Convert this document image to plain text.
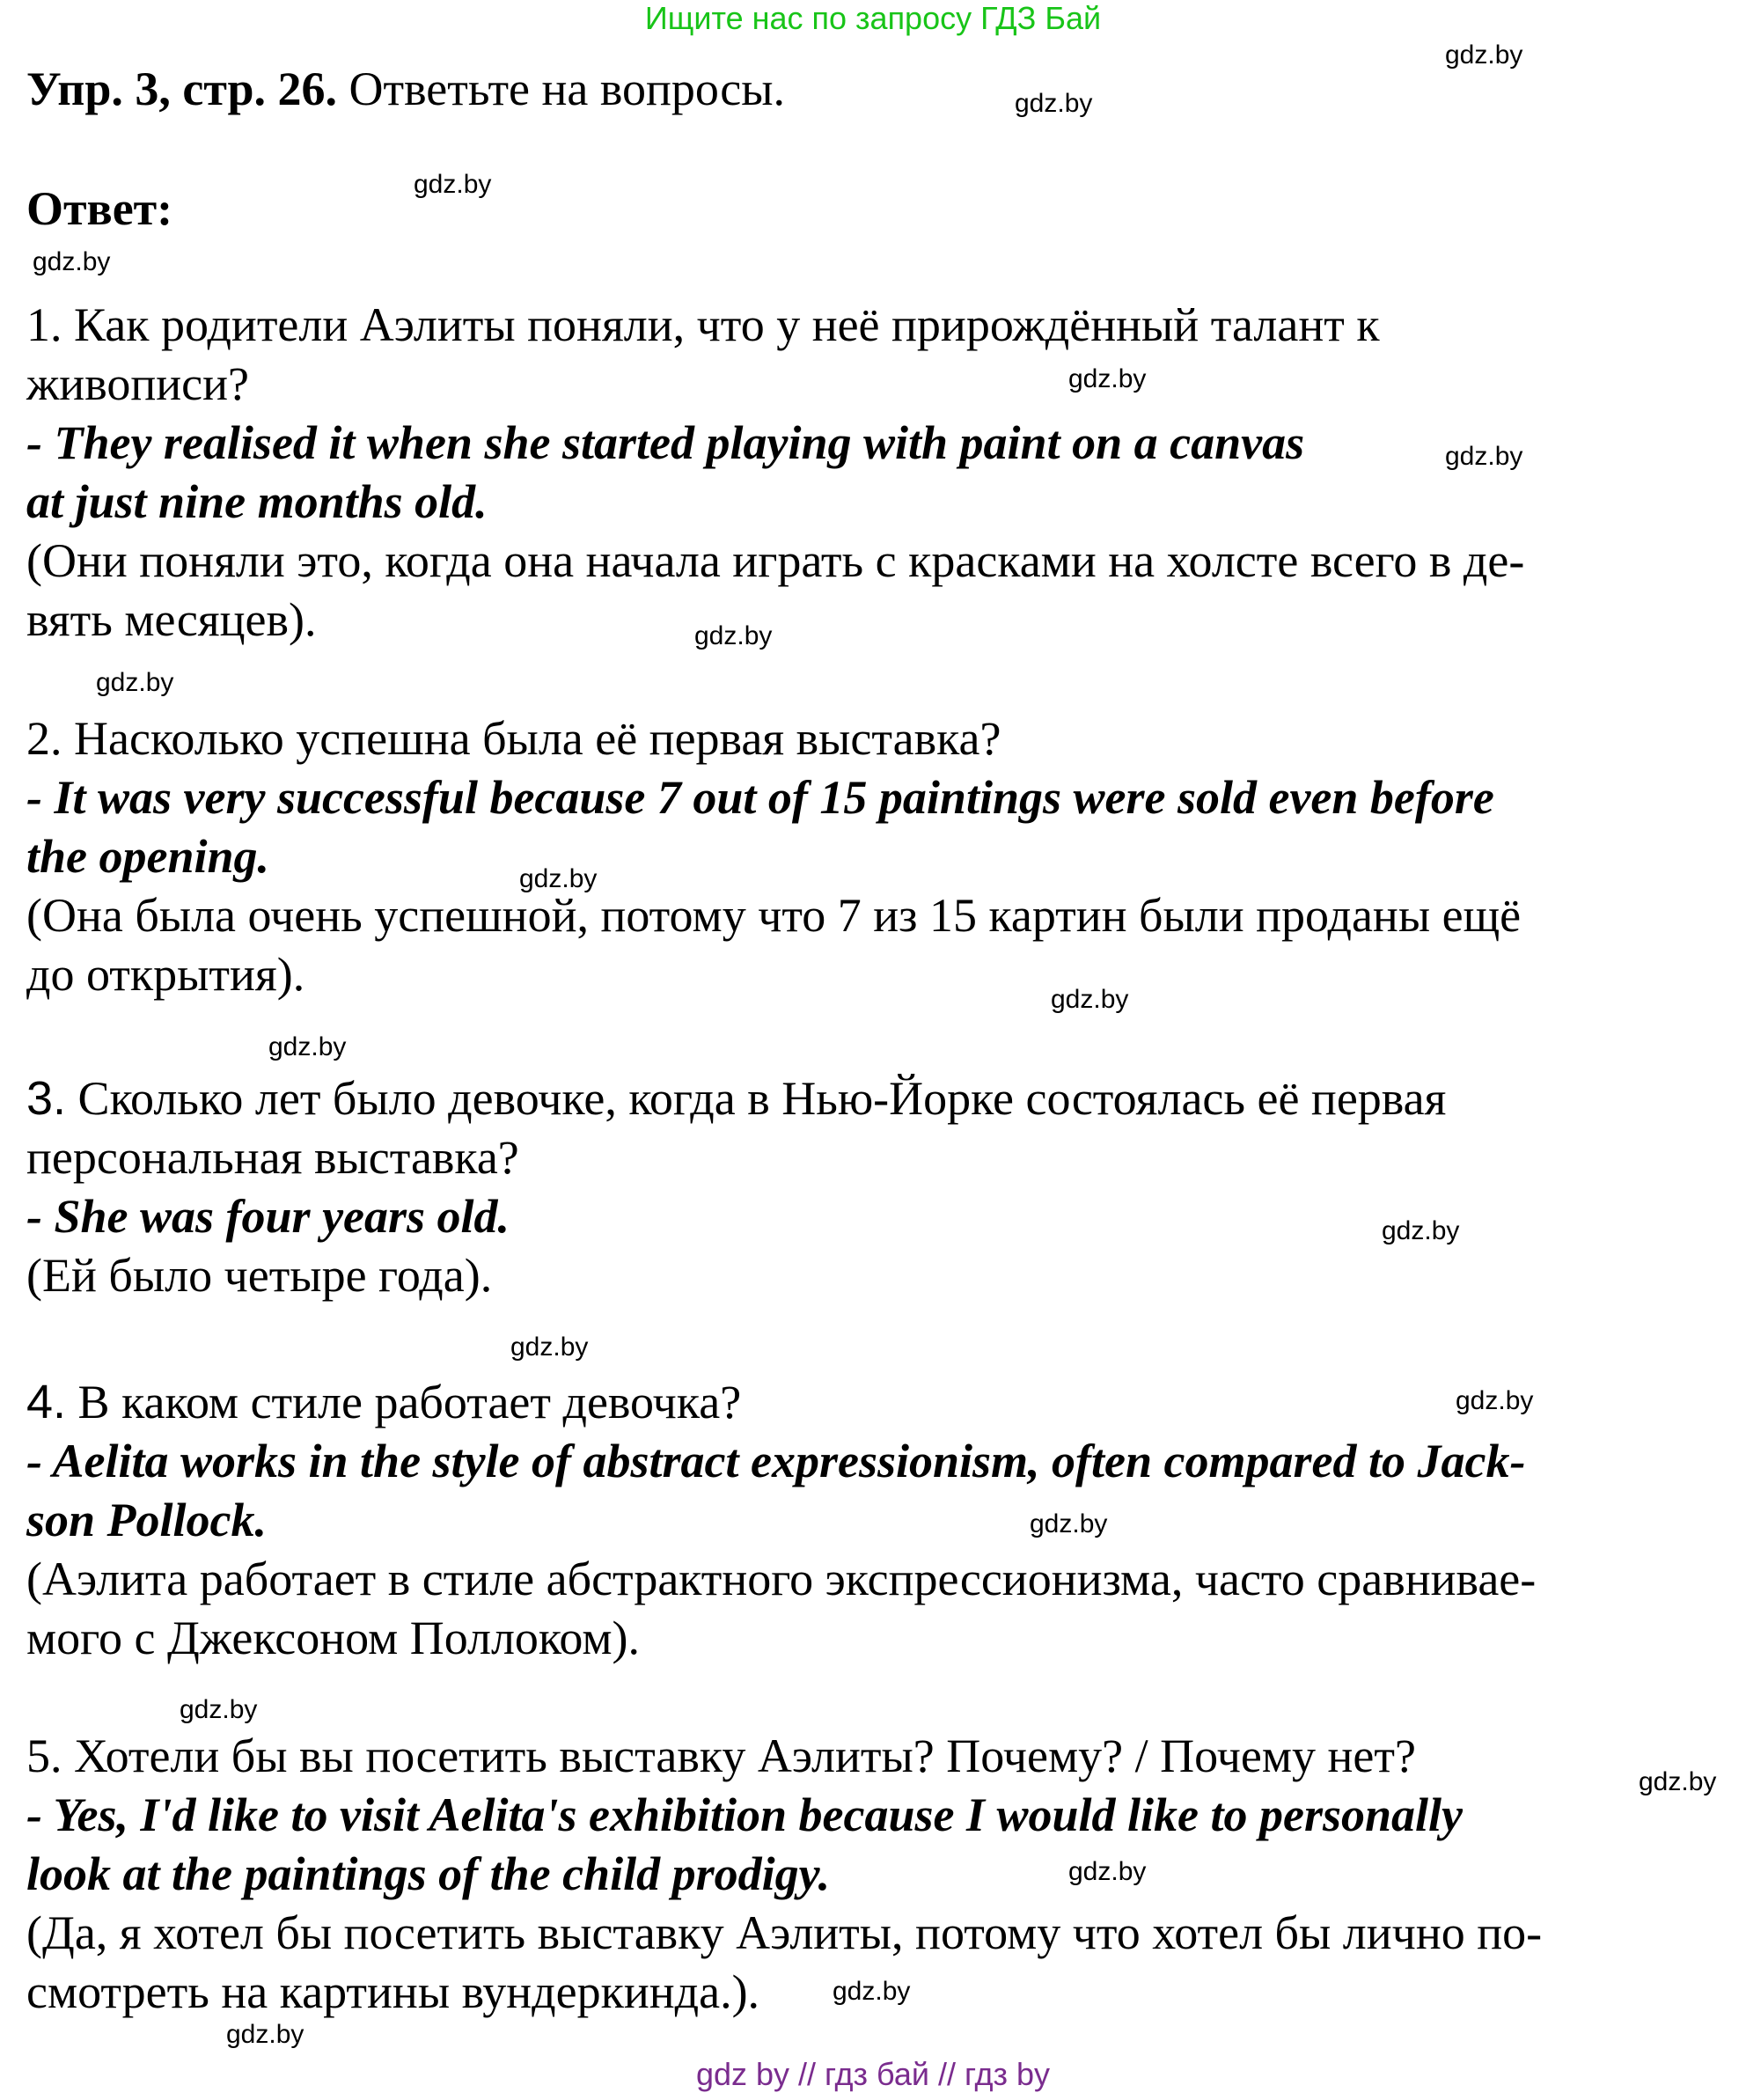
Ищите нас по запросу ГДЗ Бай

Упр. 3, стр. 26. Ответьте на вопросы.

Ответ:

1. Как родители Аэлиты поняли, что у неё прирождённый талант к
живописи?
- They realised it when she started playing with paint on a canvas
at just nine months old.
(Они поняли это, когда она начала играть с красками на холсте всего в де-
вять месяцев).
2. Насколько успешна была её первая выставка?
- It was very successful because 7 out of 15 paintings were sold even before
the opening.
(Она была очень успешной, потому что 7 из 15 картин были проданы ещё
до открытия).
3. Сколько лет было девочке, когда в Нью-Йорке состоялась её первая
персональная выставка?
- She was four years old.
(Ей было четыре года).
4. В каком стиле работает девочка?
- Aelita works in the style of abstract expressionism, often compared to Jack-
son Pollock.
(Аэлита работает в стиле абстрактного экспрессионизма, часто сравнивае-
мого с Джексоном Поллоком).
5. Хотели бы вы посетить выставку Аэлиты? Почему? / Почему нет?
- Yes, I'd like to visit Aelita's exhibition because I would like to personally
look at the paintings of the child prodigy.
(Да, я хотел бы посетить выставку Аэлиты, потому что хотел бы лично по-
смотреть на картины вундеркинда.).
gdz.by
gdz.by
gdz.by
gdz.by
gdz.by
gdz.by
gdz.by
gdz.by
gdz.by
gdz.by
gdz.by
gdz.by
gdz.by
gdz.by
gdz.by
gdz.by
gdz.by
gdz.by
gdz.by
gdz.by
gdz by // гдз бай // гдз by
